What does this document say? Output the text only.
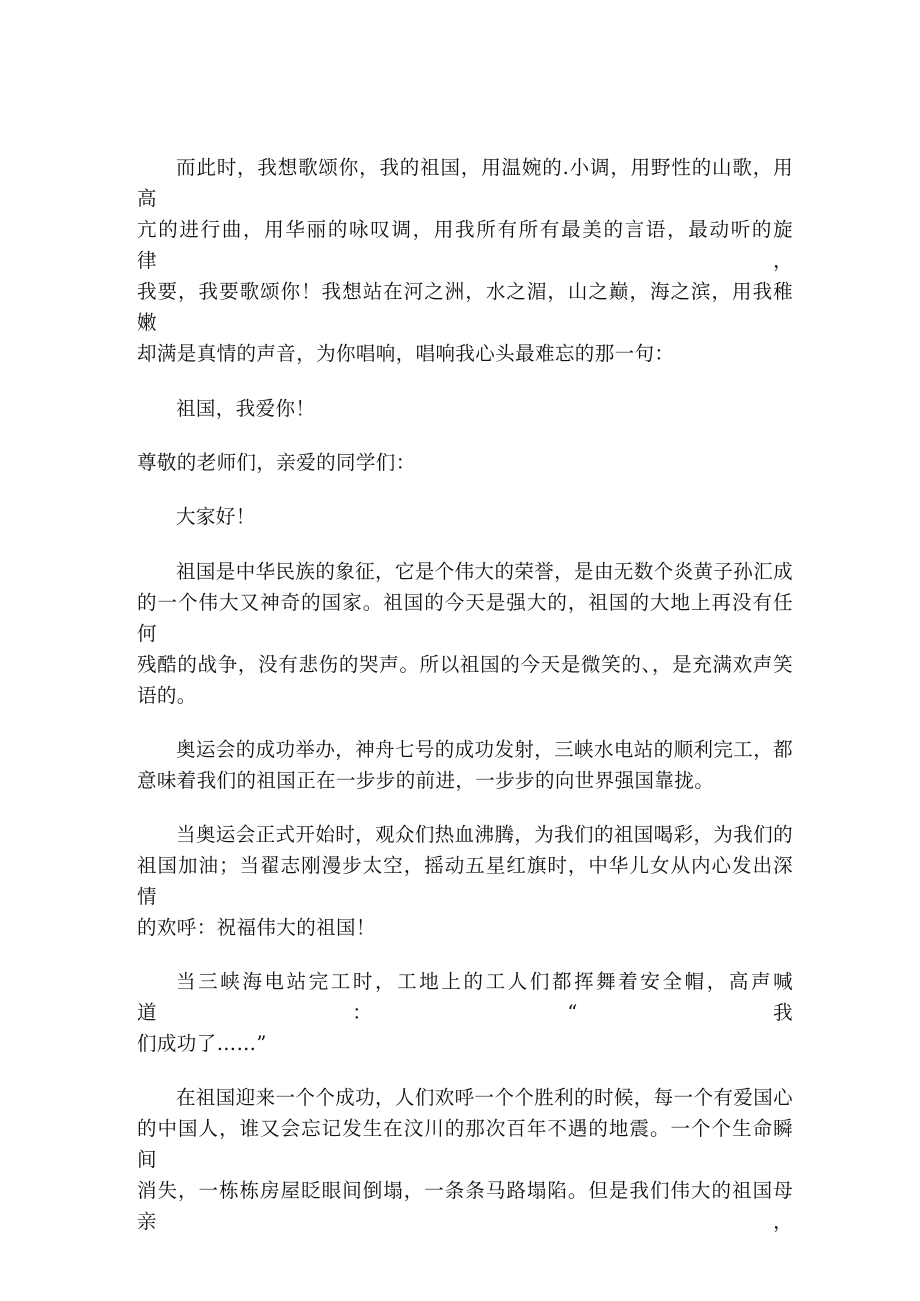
而此时，我想歌颂你，我的祖国，用温婉的.小调，用野性的山歌，用高
亢的进行曲，用华丽的咏叹调，用我所有所有最美的言语，最动听的旋律，
我要，我要歌颂你！我想站在河之洲，水之湄，山之巅，海之滨，用我稚嫩
却满是真情的声音，为你唱响，唱响我心头最难忘的那一句：

祖国，我爱你！

尊敬的老师们，亲爱的同学们：

大家好！

祖国是中华民族的象征，它是个伟大的荣誉，是由无数个炎黄子孙汇成
的一个伟大又神奇的国家。祖国的今天是强大的，祖国的大地上再没有任何
残酷的战争，没有悲伤的哭声。所以祖国的今天是微笑的、，是充满欢声笑
语的。

奥运会的成功举办，神舟七号的成功发射，三峡水电站的顺利完工，都
意味着我们的祖国正在一步步的前进，一步步的向世界强国靠拢。

当奥运会正式开始时，观众们热血沸腾，为我们的祖国喝彩，为我们的
祖国加油；当翟志刚漫步太空，摇动五星红旗时，中华儿女从内心发出深情
的欢呼：祝福伟大的祖国！

当三峡海电站完工时，工地上的工人们都挥舞着安全帽，高声喊道：“我
们成功了……”

在祖国迎来一个个成功，人们欢呼一个个胜利的时候，每一个有爱国心
的中国人，谁又会忘记发生在汶川的那次百年不遇的地震。一个个生命瞬间
消失，一栋栋房屋眨眼间倒塌，一条条马路塌陷。但是我们伟大的祖国母亲，
